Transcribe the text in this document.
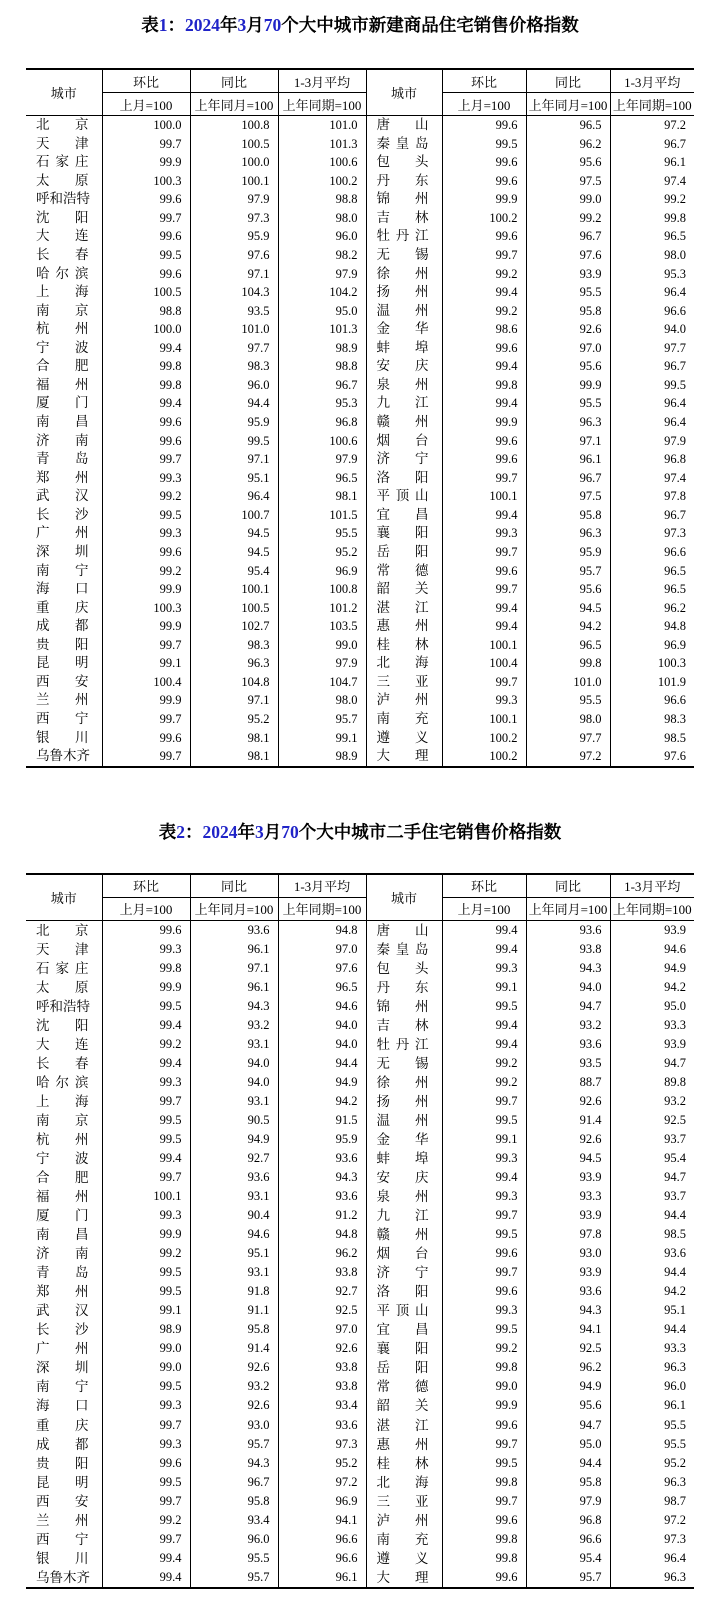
表1：2024年3月70个大中城市新建商品住宅销售价格指数
城市	环比	同比	1-3月平均	城市	环比	同比	1-3月平均
	上月=100	上年同月=100	上年同期=100		上月=100	上年同月=100	上年同期=100

北京	100.0	100.8	101.0	唐山	99.6	96.5	97.2

天津	99.7	100.5	101.3	秦皇岛	99.5	96.2	96.7

石家庄	99.9	100.0	100.6	包头	99.6	95.6	96.1

太原	100.3	100.1	100.2	丹东	99.6	97.5	97.4

呼和浩特	99.6	97.9	98.8	锦州	99.9	99.0	99.2

沈阳	99.7	97.3	98.0	吉林	100.2	99.2	99.8

大连	99.6	95.9	96.0	牡丹江	99.6	96.7	96.5

长春	99.5	97.6	98.2	无锡	99.7	97.6	98.0

哈尔滨	99.6	97.1	97.9	徐州	99.2	93.9	95.3

上海	100.5	104.3	104.2	扬州	99.4	95.5	96.4

南京	98.8	93.5	95.0	温州	99.2	95.8	96.6

杭州	100.0	101.0	101.3	金华	98.6	92.6	94.0

宁波	99.4	97.7	98.9	蚌埠	99.6	97.0	97.7

合肥	99.8	98.3	98.8	安庆	99.4	95.6	96.7

福州	99.8	96.0	96.7	泉州	99.8	99.9	99.5

厦门	99.4	94.4	95.3	九江	99.4	95.5	96.4

南昌	99.6	95.9	96.8	赣州	99.9	96.3	96.4

济南	99.6	99.5	100.6	烟台	99.6	97.1	97.9

青岛	99.7	97.1	97.9	济宁	99.6	96.1	96.8

郑州	99.3	95.1	96.5	洛阳	99.7	96.7	97.4

武汉	99.2	96.4	98.1	平顶山	100.1	97.5	97.8

长沙	99.5	100.7	101.5	宜昌	99.4	95.8	96.7

广州	99.3	94.5	95.5	襄阳	99.3	96.3	97.3

深圳	99.6	94.5	95.2	岳阳	99.7	95.9	96.6

南宁	99.2	95.4	96.9	常德	99.6	95.7	96.5

海口	99.9	100.1	100.8	韶关	99.7	95.6	96.5

重庆	100.3	100.5	101.2	湛江	99.4	94.5	96.2

成都	99.9	102.7	103.5	惠州	99.4	94.2	94.8

贵阳	99.7	98.3	99.0	桂林	100.1	96.5	96.9

昆明	99.1	96.3	97.9	北海	100.4	99.8	100.3

西安	100.4	104.8	104.7	三亚	99.7	101.0	101.9

兰州	99.9	97.1	98.0	泸州	99.3	95.5	96.6

西宁	99.7	95.2	95.7	南充	100.1	98.0	98.3

银川	99.6	98.1	99.1	遵义	100.2	97.7	98.5

乌鲁木齐	99.7	98.1	98.9	大理	100.2	97.2	97.6
表2：2024年3月70个大中城市二手住宅销售价格指数
城市	环比	同比	1-3月平均	城市	环比	同比	1-3月平均
	上月=100	上年同月=100	上年同期=100		上月=100	上年同月=100	上年同期=100

北京	99.6	93.6	94.8	唐山	99.4	93.6	93.9

天津	99.3	96.1	97.0	秦皇岛	99.4	93.8	94.6

石家庄	99.8	97.1	97.6	包头	99.3	94.3	94.9

太原	99.9	96.1	96.5	丹东	99.1	94.0	94.2

呼和浩特	99.5	94.3	94.6	锦州	99.5	94.7	95.0

沈阳	99.4	93.2	94.0	吉林	99.4	93.2	93.3

大连	99.2	93.1	94.0	牡丹江	99.4	93.6	93.9

长春	99.4	94.0	94.4	无锡	99.2	93.5	94.7

哈尔滨	99.3	94.0	94.9	徐州	99.2	88.7	89.8

上海	99.7	93.1	94.2	扬州	99.7	92.6	93.2

南京	99.5	90.5	91.5	温州	99.5	91.4	92.5

杭州	99.5	94.9	95.9	金华	99.1	92.6	93.7

宁波	99.4	92.7	93.6	蚌埠	99.3	94.5	95.4

合肥	99.7	93.6	94.3	安庆	99.4	93.9	94.7

福州	100.1	93.1	93.6	泉州	99.3	93.3	93.7

厦门	99.3	90.4	91.2	九江	99.7	93.9	94.4

南昌	99.9	94.6	94.8	赣州	99.5	97.8	98.5

济南	99.2	95.1	96.2	烟台	99.6	93.0	93.6

青岛	99.5	93.1	93.8	济宁	99.7	93.9	94.4

郑州	99.5	91.8	92.7	洛阳	99.6	93.6	94.2

武汉	99.1	91.1	92.5	平顶山	99.3	94.3	95.1

长沙	98.9	95.8	97.0	宜昌	99.5	94.1	94.4

广州	99.0	91.4	92.6	襄阳	99.2	92.5	93.3

深圳	99.0	92.6	93.8	岳阳	99.8	96.2	96.3

南宁	99.5	93.2	93.8	常德	99.0	94.9	96.0

海口	99.3	92.6	93.4	韶关	99.9	95.6	96.1

重庆	99.7	93.0	93.6	湛江	99.6	94.7	95.5

成都	99.3	95.7	97.3	惠州	99.7	95.0	95.5

贵阳	99.6	94.3	95.2	桂林	99.5	94.4	95.2

昆明	99.5	96.7	97.2	北海	99.8	95.8	96.3

西安	99.7	95.8	96.9	三亚	99.7	97.9	98.7

兰州	99.2	93.4	94.1	泸州	99.6	96.8	97.2

西宁	99.7	96.0	96.6	南充	99.8	96.6	97.3

银川	99.4	95.5	96.6	遵义	99.8	95.4	96.4

乌鲁木齐	99.4	95.7	96.1	大理	99.6	95.7	96.3
